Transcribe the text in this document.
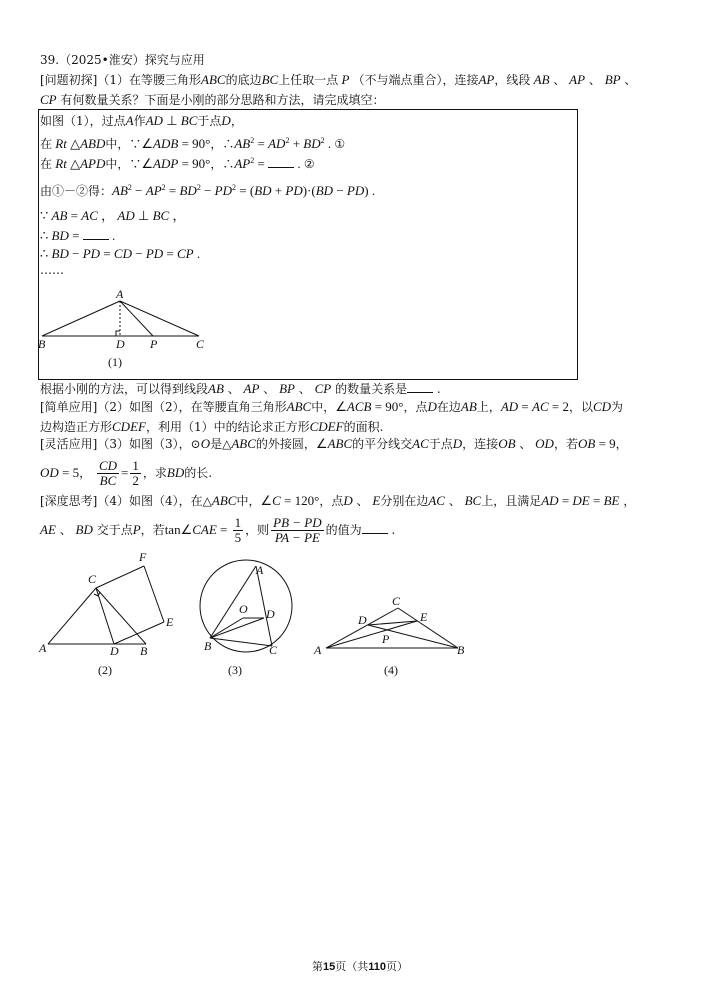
39.（2025•淮安）探究与应用
[问题初探]（1）在等腰三角形ABC的底边BC上任取一点 P （不与端点重合），连接AP，线段 AB 、 AP 、 BP 、
CP 有何数量关系？下面是小刚的部分思路和方法，请完成填空：
如图（1），过点A作AD ⊥ BC于点D，
在 Rt △ABD中，∵∠ADB = 90°，$\therefore AB^2 = AD^2 + BD^2$ . ①
在 Rt △APD中，∵∠ADP = 90°，$\therefore AP^2$ =  . ②
由①－②得：$AB^2 - AP^2 = BD^2 - PD^2 = (BD + PD)\cdot(BD - PD)$ .
∵ AB = AC ， AD ⊥ BC ，
∴ BD =  .
∴ BD − PD = CD − PD = CP .
……
A
B	D P	C
(1)
根据小刚的方法，可以得到线段AB 、 AP 、 BP 、 CP 的数量关系是 .
[简单应用]（2）如图（2），在等腰直角三角形ABC中，∠ACB = 90°，点D在边AB上，AD = AC = 2，以CD为
边构造正方形CDEF，利用（1）中的结论求正方形CDEF的面积.
[灵活应用]（3）如图（3），⊙O是△ABC的外接圆，∠ABC的平分线交AC于点D，连接OB 、 OD，若OB = 9，
OD = 5， $\frac{CD}{BC} = \frac{1}{2}$ ，求BD的长.
[深度思考]（4）如图（4），在△ABC中，∠C = 120°，点D 、 E分别在边AC 、 BC上，且满足AD = DE = BE ，
AE 、 BD 交于点P，若tan∠CAE = $\frac{1}{5}$ ，则 $\frac{PB - PD}{PA - PE}$ 的值为 .
F
C
E
A	D B
(2)
A
O D
B	C
(3)
C
D	E
P
A	B
(4)
第15页（共110页）
